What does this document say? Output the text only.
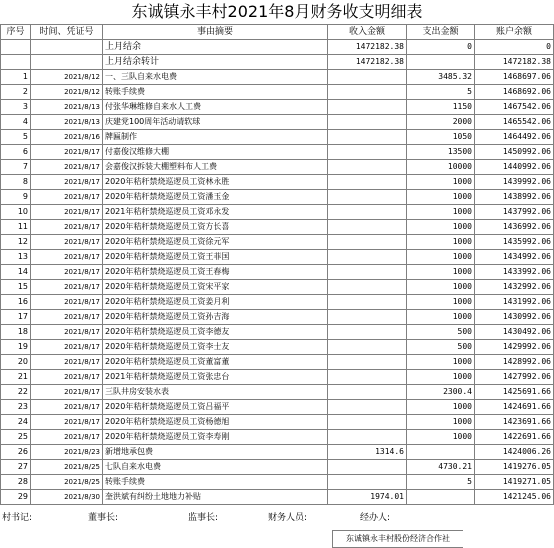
东诚镇永丰村2021年8月财务收支明细表
序号	时间、凭证号	事由摘要	收入金额	支出金额	账户余额
		上月结余	1472182.38	0	0
		上月结余转计	1472182.38		1472182.38
1	2021/8/12	一、三队自来水电费		3485.32	1468697.06
2	2021/8/12	转账手续费		5	1468692.06
3	2021/8/13	付张华琳维修自来水人工费		1150	1467542.06
4	2021/8/13	庆建党100周年活动请软球		2000	1465542.06
5	2021/8/16	牌匾制作		1050	1464492.06
6	2021/8/17	付嘉俊汉维修大棚		13500	1450992.06
7	2021/8/17	会嘉俊汉拆装大棚塑料布人工费		10000	1440992.06
8	2021/8/17	2020年秸秆禁烧巡逻员工资林永胜		1000	1439992.06
9	2021/8/17	2020年秸秆禁烧巡逻员工资潘玉金		1000	1438992.06
10	2021/8/17	2021年秸秆禁烧巡逻员工资邓永发		1000	1437992.06
11	2021/8/17	2020年秸秆禁烧巡逻员工资方长喜		1000	1436992.06
12	2021/8/17	2020年秸秆禁烧巡逻员工资徐元军		1000	1435992.06
13	2021/8/17	2020年秸秆禁烧巡逻员工资王菲国		1000	1434992.06
14	2021/8/17	2020年秸秆禁烧巡逻员工资王春梅		1000	1433992.06
15	2021/8/17	2020年秸秆禁烧巡逻员工资宋平家		1000	1432992.06
16	2021/8/17	2020年秸秆禁烧巡逻员工资姜月利		1000	1431992.06
17	2021/8/17	2020年秸秆禁烧巡逻员工资孙吉海		1000	1430992.06
18	2021/8/17	2020年秸秆禁烧巡逻员工资李德友		500	1430492.06
19	2021/8/17	2020年秸秆禁烧巡逻员工资李士友		500	1429992.06
20	2021/8/17	2020年秸秆禁烧巡逻员工资董富董		1000	1428992.06
21	2021/8/17	2021年秸秆禁烧巡逻员工资张忠台		1000	1427992.06
22	2021/8/17	三队井房安装水表		2300.4	1425691.66
23	2021/8/17	2020年秸秆禁烧巡逻员工资吕福平		1000	1424691.66
24	2021/8/17	2020年秸秆禁烧巡逻员工资杨德旭		1000	1423691.66
25	2021/8/17	2020年秸秆禁烧巡逻员工资李寿刚		1000	1422691.66
26	2021/8/23	新增地承包费	1314.6		1424006.26
27	2021/8/25	七队自来水电费		4730.21	1419276.05
28	2021/8/25	转账手续费		5	1419271.05
29	2021/8/30	奎洪斌有纠纷土地地力补贴	1974.01		1421245.06
村书记:	董事长:	监事长:	财务人员:	经办人:
东诚镇永丰村股份经济合作社
